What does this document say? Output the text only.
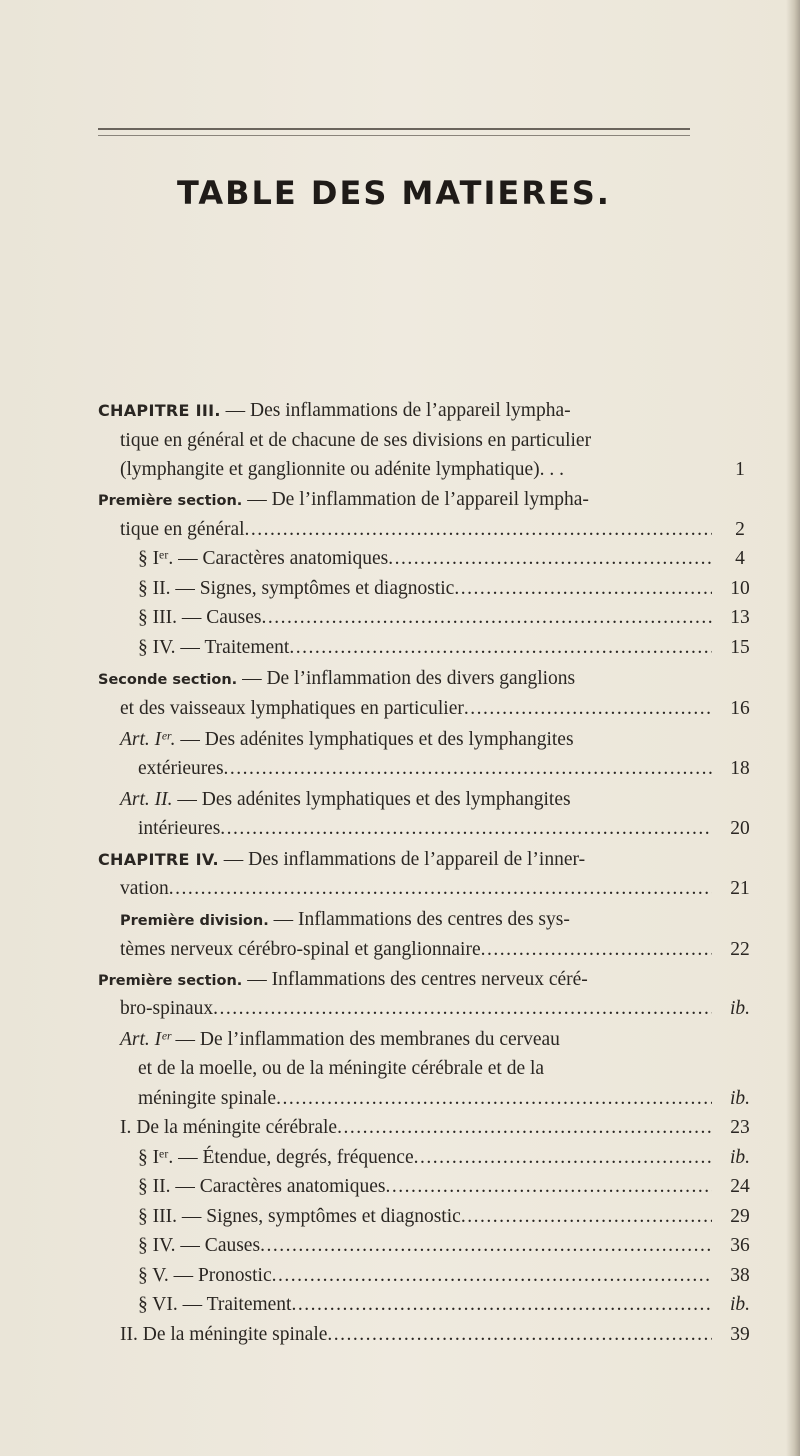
TABLE DES MATIERES.
CHAPITRE III. — Des inflammations de l’appareil lympha-
tique en général et de chacune de ses divisions en particulier
(lymphangite et ganglionnite ou adénite lymphatique). . .	1
Première section. — De l’inflammation de l’appareil lympha-
tique en général .....	2
§ Iᵉʳ. — Caractères anatomiques .....	4
§ II. — Signes, symptômes et diagnostic .....	10
§ III. — Causes .....	13
§ IV. — Traitement .....	15
Seconde section. — De l’inflammation des divers ganglions
et des vaisseaux lymphatiques en particulier .....	16
Art. Iᵉʳ. — Des adénites lymphatiques et des lymphangites
extérieures .....	18
Art. II. — Des adénites lymphatiques et des lymphangites
intérieures .....	20
CHAPITRE IV. — Des inflammations de l’appareil de l’inner-
vation .....	21
Première division. — Inflammations des centres des sys-
tèmes nerveux cérébro-spinal et ganglionnaire .....	22
Première section. — Inflammations des centres nerveux céré-
bro-spinaux .....	ib.
Art. Iᵉʳ — De l’inflammation des membranes du cerveau
et de la moelle, ou de la méningite cérébrale et de la
méningite spinale .....	ib.
I. De la méningite cérébrale .....	23
§ Iᵉʳ. — Étendue, degrés, fréquence .....	ib.
§ II. — Caractères anatomiques .....	24
§ III. — Signes, symptômes et diagnostic .....	29
§ IV. — Causes .....	36
§ V. — Pronostic .....	38
§ VI. — Traitement .....	ib.
II. De la méningite spinale .....	39
